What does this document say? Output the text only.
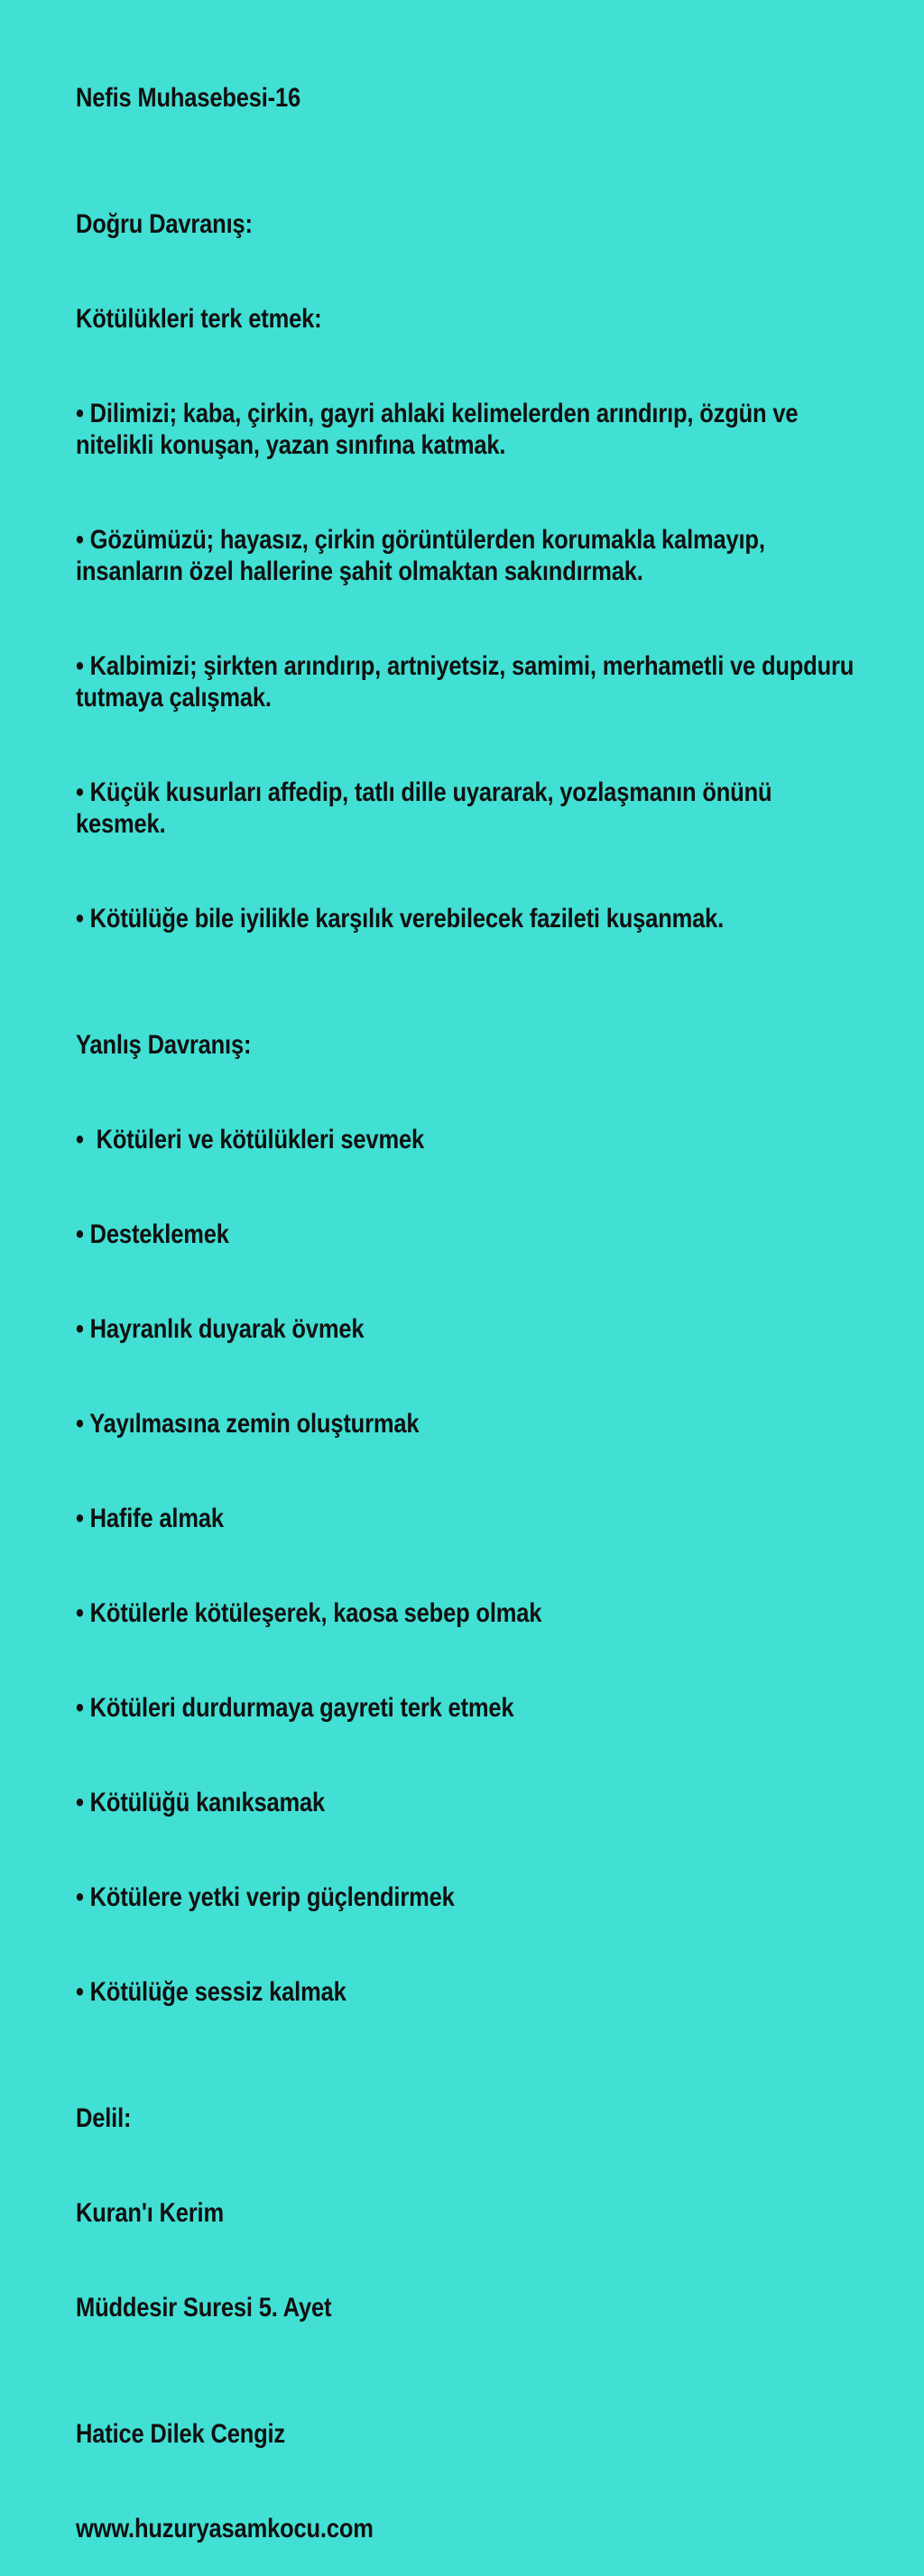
Nefis Muhasebesi-16

Doğru Davranış:

Kötülükleri terk etmek:

• Dilimizi; kaba, çirkin, gayri ahlaki kelimelerden arındırıp, özgün ve nitelikli konuşan, yazan sınıfına katmak.

• Gözümüzü; hayasız, çirkin görüntülerden korumakla kalmayıp, insanların özel hallerine şahit olmaktan sakındırmak.

• Kalbimizi; şirkten arındırıp, artniyetsiz, samimi, merhametli ve dupduru tutmaya çalışmak.

• Küçük kusurları affedip, tatlı dille uyararak, yozlaşmanın önünü kesmek.

• Kötülüğe bile iyilikle karşılık verebilecek fazileti kuşanmak.

Yanlış Davranış:

•  Kötüleri ve kötülükleri sevmek

• Desteklemek

• Hayranlık duyarak övmek

• Yayılmasına zemin oluşturmak

• Hafife almak

• Kötülerle kötüleşerek, kaosa sebep olmak

• Kötüleri durdurmaya gayreti terk etmek

• Kötülüğü kanıksamak

• Kötülere yetki verip güçlendirmek

• Kötülüğe sessiz kalmak

Delil:

Kuran'ı Kerim

Müddesir Suresi 5. Ayet

Hatice Dilek Cengiz

www.huzuryasamkocu.com
